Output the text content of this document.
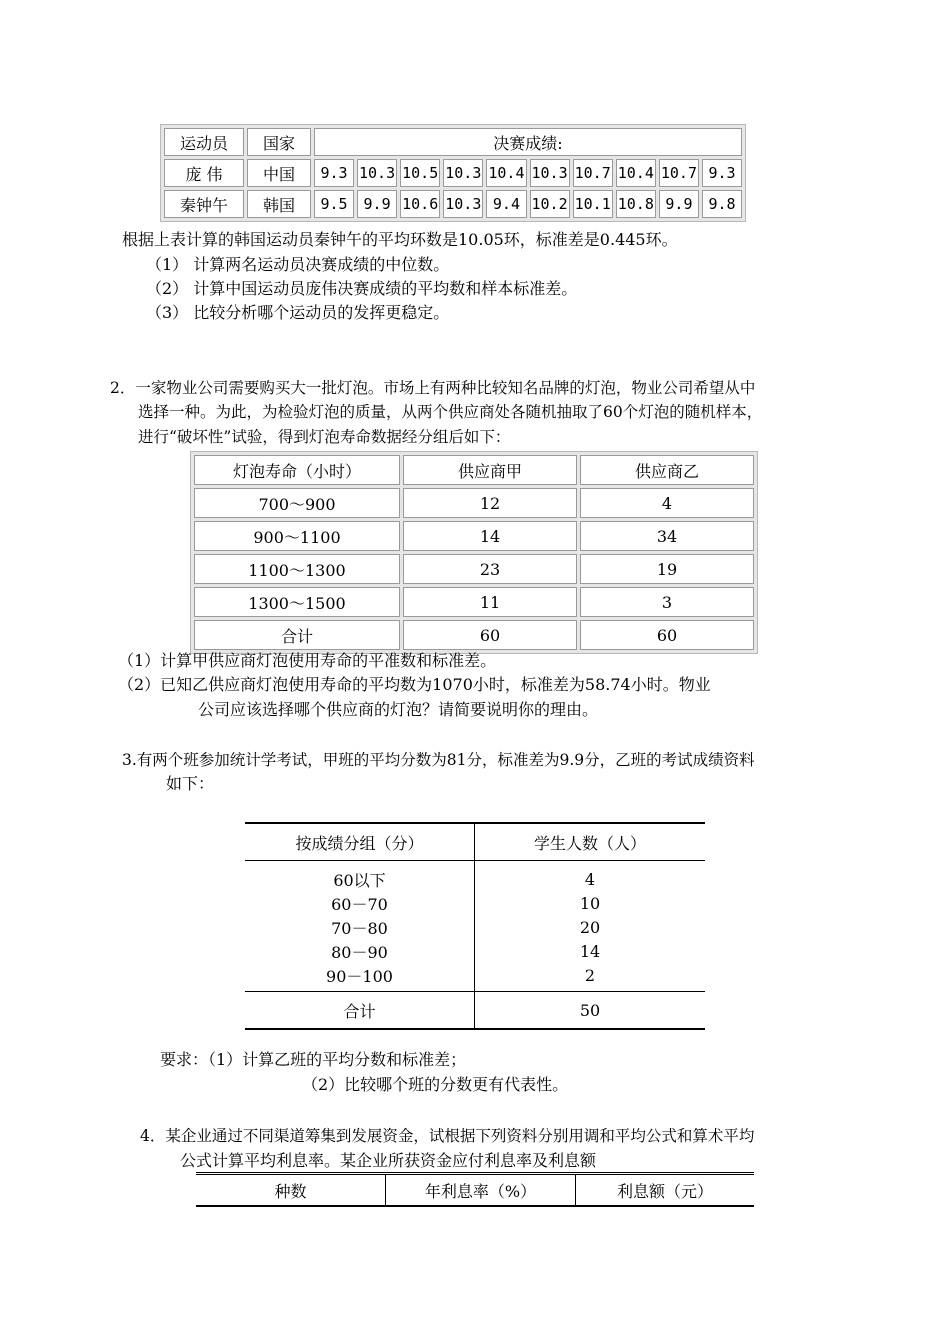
运动员	国家	决赛成绩:									
庞 伟	中国	9.3	10.3	10.5	10.3	10.4	10.3	10.7	10.4	10.7	9.3
秦钟午	韩国	9.5	9.9	10.6	10.3	9.4	10.2	10.1	10.8	9.9	9.8
根据上表计算的韩国运动员秦钟午的平均环数是10.05环，标准差是0.445环。
（1） 计算两名运动员决赛成绩的中位数。
（2） 计算中国运动员庞伟决赛成绩的平均数和样本标准差。
（3） 比较分析哪个运动员的发挥更稳定。
2．一家物业公司需要购买大一批灯泡。市场上有两种比较知名品牌的灯泡，物业公司希望从中
选择一种。为此，为检验灯泡的质量，从两个供应商处各随机抽取了60个灯泡的随机样本，
进行“破坏性”试验，得到灯泡寿命数据经分组后如下：
灯泡寿命（小时）	供应商甲	供应商乙
700～900	12	4
900～1100	14	34
1100～1300	23	19
1300～1500	11	3
合计	60	60
（1）计算甲供应商灯泡使用寿命的平准数和标准差。
（2）已知乙供应商灯泡使用寿命的平均数为1070小时，标准差为58.74小时。物业
公司应该选择哪个供应商的灯泡？请简要说明你的理由。
3.有两个班参加统计学考试，甲班的平均分数为81分，标准差为9.9分，乙班的考试成绩资料
如下：
按成绩分组（分）	学生人数（人）
60以下	4
60－70	10
70－80	20
80－90	14
90－100	2
合计	50
要求：（1）计算乙班的平均分数和标准差；
（2）比较哪个班的分数更有代表性。
4．某企业通过不同渠道筹集到发展资金，试根据下列资料分别用调和平均公式和算术平均
公式计算平均利息率。某企业所获资金应付利息率及利息额
种数	年利息率（%）	利息额（元）
